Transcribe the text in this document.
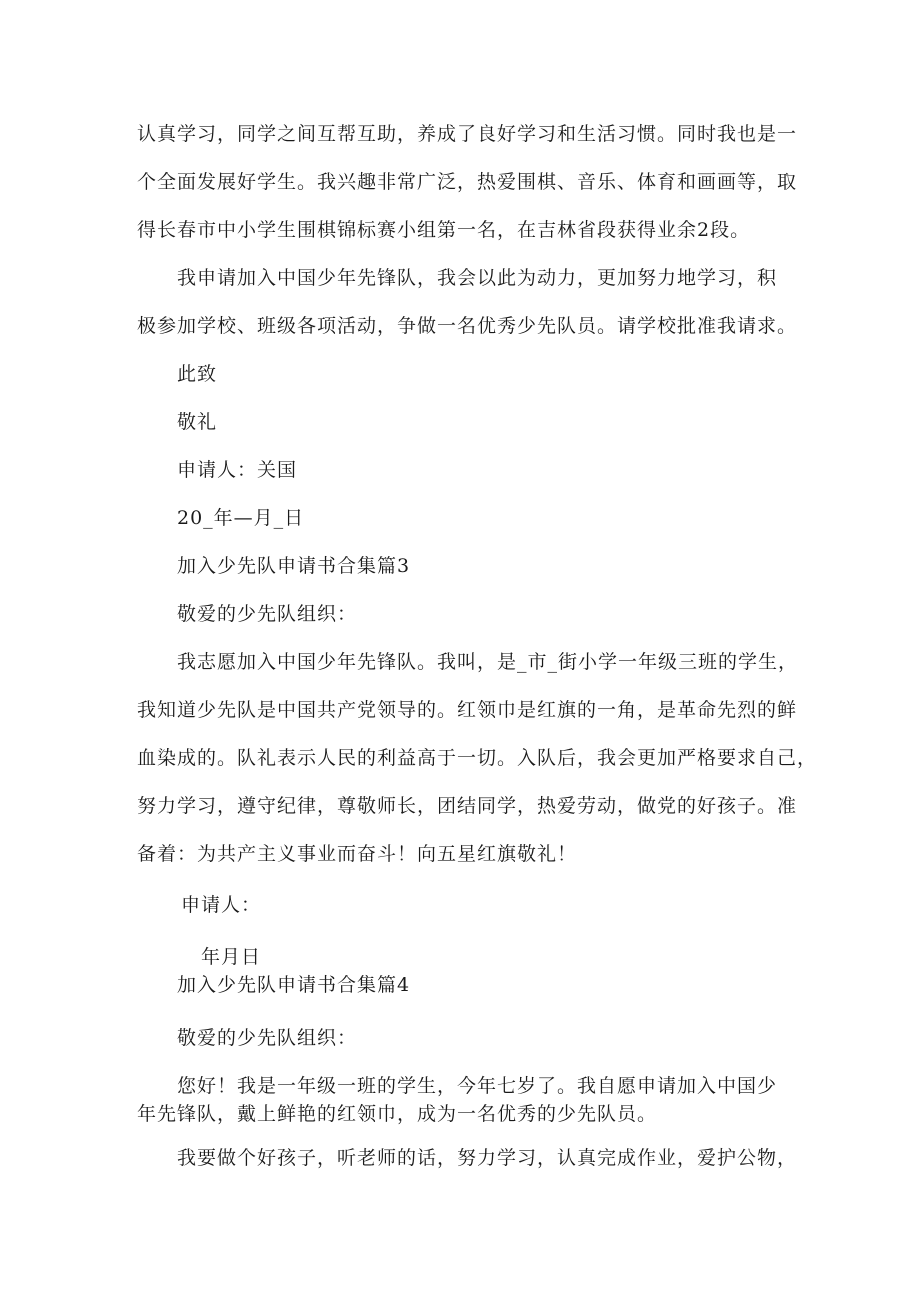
认真学习，同学之间互帮互助，养成了良好学习和生活习惯。同时我也是一
个全面发展好学生。我兴趣非常广泛，热爱围棋、音乐、体育和画画等，取
得长春市中小学生围棋锦标赛小组第一名，在吉林省段获得业余2段。
我申请加入中国少年先锋队，我会以此为动力，更加努力地学习，积
极参加学校、班级各项活动，争做一名优秀少先队员。请学校批准我请求。
此致
敬礼
申请人：关国
20_年—月_日
加入少先队申请书合集篇3
敬爱的少先队组织：
我志愿加入中国少年先锋队。我叫，是_市_街小学一年级三班的学生，
我知道少先队是中国共产党领导的。红领巾是红旗的一角，是革命先烈的鲜
血染成的。队礼表示人民的利益高于一切。入队后，我会更加严格要求自己，
努力学习，遵守纪律，尊敬师长，团结同学，热爱劳动，做党的好孩子。准
备着：为共产主义事业而奋斗！向五星红旗敬礼！
申请人：
年月日
加入少先队申请书合集篇4
敬爱的少先队组织：
您好！我是一年级一班的学生，今年七岁了。我自愿申请加入中国少
年先锋队，戴上鲜艳的红领巾，成为一名优秀的少先队员。
我要做个好孩子，听老师的话，努力学习，认真完成作业，爱护公物，
